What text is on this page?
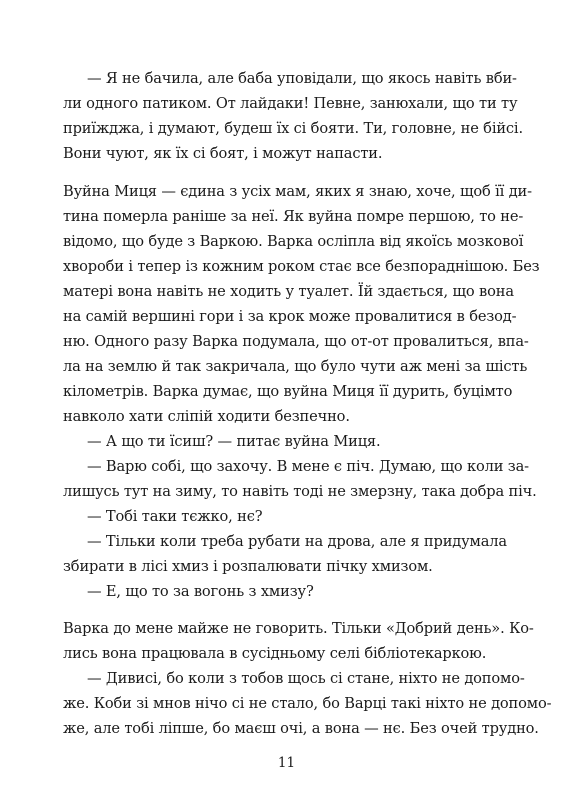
— Я не бачила, але баба уповідали, що якось навіть вби-
ли одного патиком. От лайдаки! Певне, занюхали, що ти ту
приїжджа, і думают, будеш їх сі бояти. Ти, головне, не бійсі.
Вони чуют, як їх сі боят, і можут напасти.
Вуйна Миця — єдина з усіх мам, яких я знаю, хоче, щоб її ди-
тина померла раніше за неї. Як вуйна помре першою, то не-
відомо, що буде з Варкою. Варка осліпла від якоїсь мозкової
хвороби і тепер із кожним роком стає все безпораднішою. Без
матері вона навіть не ходить у туалет. Їй здається, що вона
на самій вершині гори і за крок може провалитися в безод-
ню. Одного разу Варка подумала, що от-от провалиться, впа-
ла на землю й так закричала, що було чути аж мені за шість
кілометрів. Варка думає, що вуйна Миця її дурить, буцімто
навколо хати сліпій ходити безпечно.
— А що ти їсиш? — питає вуйна Миця.
— Варю собі, що захочу. В мене є піч. Думаю, що коли за-
лишусь тут на зиму, то навіть тоді не змерзну, така добра піч.
— Тобі таки тєжко, нє?
— Тільки коли треба рубати на дрова, але я придумала
збирати в лісі хмиз і розпалювати пічку хмизом.
— Е, що то за вогонь з хмизу?
Варка до мене майже не говорить. Тільки «Добрий день». Ко-
лись вона працювала в сусідньому селі бібліотекаркою.
— Дивисі, бо коли з тобов щось сі стане, ніхто не допомо-
же. Коби зі мнов нічо сі не стало, бо Варці такі ніхто не допомо-
11
же, але тобі ліпше, бо маєш очі, а вона — нє. Без очей трудно.
